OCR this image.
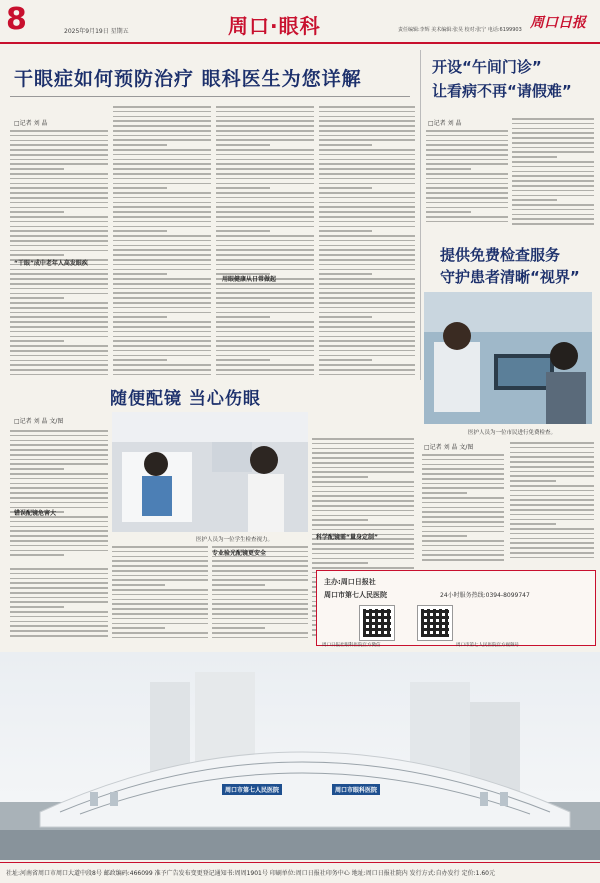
8	2025年9月19日 星期五	周口·眼科	责任编辑:李辉 美术编辑:张昊 校对:张宁 电话:6199903 周口日报
干眼症如何预防治疗 眼科医生为您详解
□记者 刘 晶
“干眼”成中老年人高发眼疾
用眼健康从日常做起
开设“午间门诊”
让看病不再“请假难”
□记者 刘 晶
提供免费检查服务
守护患者清晰“视界”
医护人员为一位市民进行免费检查。
随便配镜 当心伤眼
□记者 刘 晶 文/图
错误配镜危害大
医护人员为一位学生检查视力。
专业验光配镜更安全
科学配镜需“量身定制”
□记者 刘 晶 文/图
主办:周口日报社
周口市第七人民医院	24小时服务热线:0394-8099747
周口日报社眼科医院官方微信	周口市第七人民医院官方视频号
周口市第七人民医院	周口市眼科医院
社址:河南省周口市周口大道中段8号 邮政编码:466099 准予广告发布变更登记通知书:周周1901号 印刷单位:周口日报社印务中心 地址:周口日报社院内 发行方式:自办发行 定价:1.60元
